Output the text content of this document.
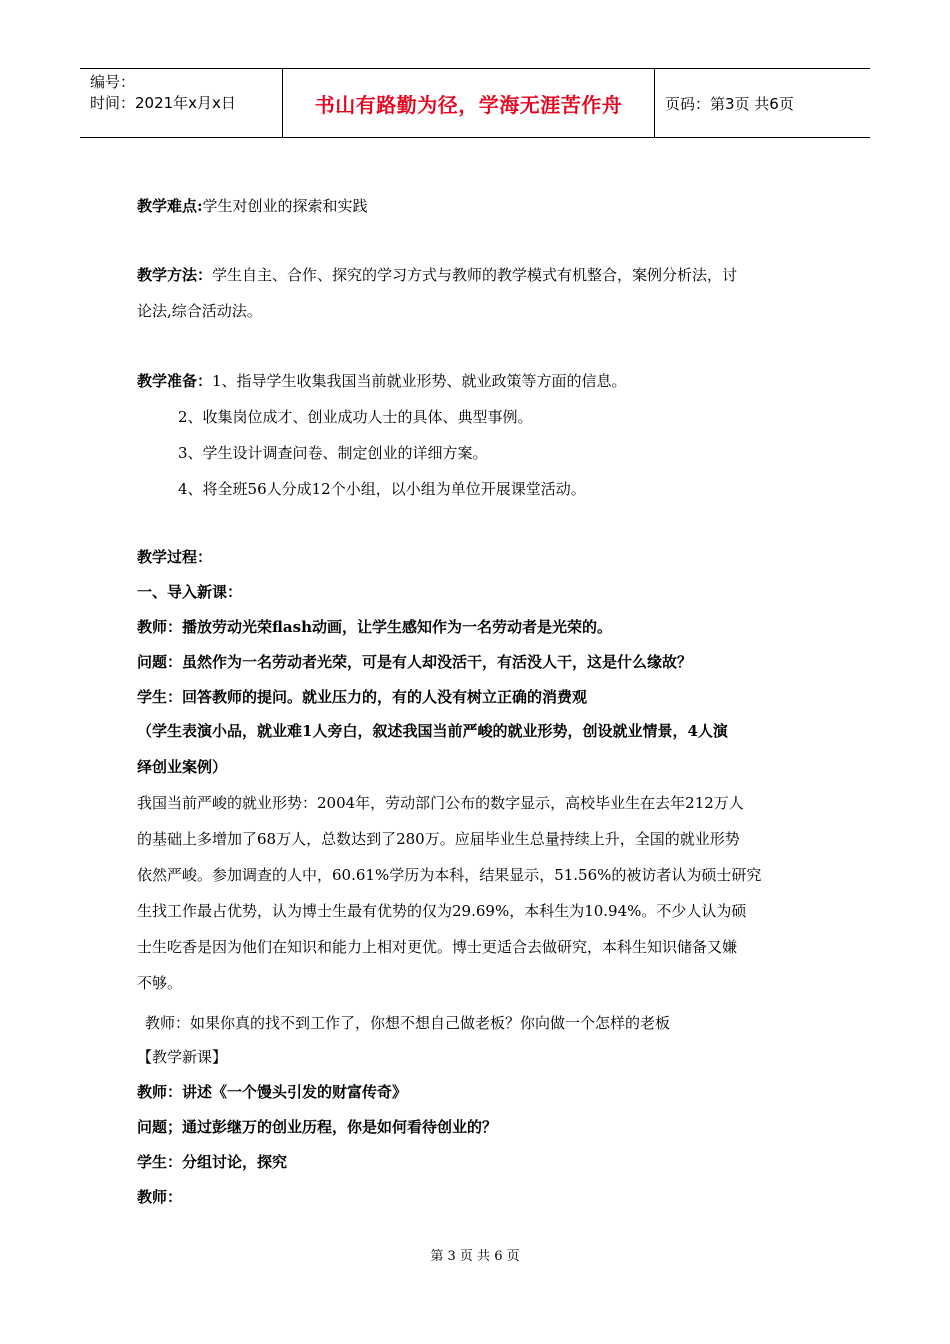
编号：
时间：2021年x月x日	书山有路勤为径，学海无涯苦作舟	页码：第3页 共6页
教学难点:学生对创业的探索和实践
教学方法：学生自主、合作、探究的学习方式与教师的教学模式有机整合，案例分析法，讨
论法,综合活动法。
教学准备：1、指导学生收集我国当前就业形势、就业政策等方面的信息。
2、收集岗位成才、创业成功人士的具体、典型事例。
3、学生设计调查问卷、制定创业的详细方案。
4、将全班56人分成12个小组，以小组为单位开展课堂活动。
教学过程：
一、导入新课：
教师：播放劳动光荣flash动画，让学生感知作为一名劳动者是光荣的。
问题：虽然作为一名劳动者光荣，可是有人却没活干，有活没人干，这是什么缘故？
学生：回答教师的提问。就业压力的，有的人没有树立正确的消费观
（学生表演小品，就业难1人旁白，叙述我国当前严峻的就业形势，创设就业情景，4人演
绎创业案例）
我国当前严峻的就业形势：2004年，劳动部门公布的数字显示，高校毕业生在去年212万人
的基础上多增加了68万人，总数达到了280万。应届毕业生总量持续上升，全国的就业形势
依然严峻。参加调查的人中，60.61%学历为本科，结果显示，51.56%的被访者认为硕士研究
生找工作最占优势，认为博士生最有优势的仅为29.69%，本科生为10.94%。不少人认为硕
士生吃香是因为他们在知识和能力上相对更优。博士更适合去做研究，本科生知识储备又嫌
不够。
教师：如果你真的找不到工作了，你想不想自己做老板？你向做一个怎样的老板
【教学新课】
教师：讲述《一个馒头引发的财富传奇》
问题；通过彭继万的创业历程，你是如何看待创业的？
学生：分组讨论，探究
教师：
第 3 页 共 6 页
